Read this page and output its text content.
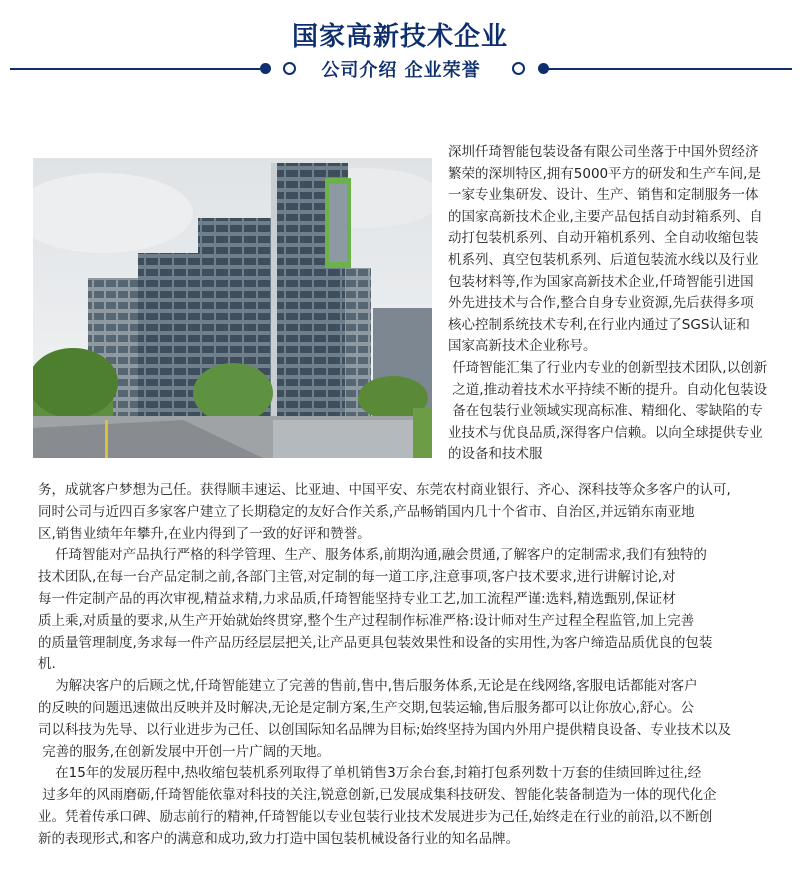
国家高新技术企业
公司介绍 企业荣誉
深圳仟琦智能包装设备有限公司坐落于中国外贸经济
繁荣的深圳特区,拥有5000平方的研发和生产车间,是
一家专业集研发、设计、生产、销售和定制服务一体
的国家高新技术企业,主要产品包括自动封箱系列、自
动打包装机系列、自动开箱机系列、全自动收缩包装
机系列、真空包装机系列、后道包装流水线以及行业
包装材料等,作为国家高新技术企业,仟琦智能引进国
外先进技术与合作,整合自身专业资源,先后获得多项
核心控制系统技术专利,在行业内通过了SGS认证和
国家高新技术企业称号。
仟琦智能汇集了行业内专业的创新型技术团队,以创新
之道,推动着技术水平持续不断的提升。自动化包装设
备在包装行业领域实现高标准、精细化、零缺陷的专
业技术与优良品质,深得客户信赖。以向全球提供专业
的设备和技术服
务，成就客户梦想为己任。获得顺丰速运、比亚迪、中国平安、东莞农村商业银行、齐心、深科技等众多客户的认可,
同时公司与近四百多家客户建立了长期稳定的友好合作关系,产品畅销国内几十个省市、自治区,并远销东南亚地
区,销售业绩年年攀升,在业内得到了一致的好评和赞誉。
仟琦智能对产品执行严格的科学管理、生产、服务体系,前期沟通,融会贯通,了解客户的定制需求,我们有独特的
技术团队,在每一台产品定制之前,各部门主管,对定制的每一道工序,注意事项,客户技术要求,进行讲解讨论,对
每一件定制产品的再次审视,精益求精,力求品质,仟琦智能坚持专业工艺,加工流程严谨:选料,精选甄别,保证材
质上乘,对质量的要求,从生产开始就始终贯穿,整个生产过程制作标准严格:设计师对生产过程全程监管,加上完善
的质量管理制度,务求每一件产品历经层层把关,让产品更具包装效果性和设备的实用性,为客户缔造品质优良的包装
机.
为解决客户的后顾之忧,仟琦智能建立了完善的售前,售中,售后服务体系,无论是在线网络,客服电话都能对客户
的反映的问题迅速做出反映并及时解决,无论是定制方案,生产交期,包装运输,售后服务都可以让你放心,舒心。公
司以科技为先导、以行业进步为己任、以创国际知名品牌为目标;始终坚持为国内外用户提供精良设备、专业技术以及
完善的服务,在创新发展中开创一片广阔的天地。
在15年的发展历程中,热收缩包装机系列取得了单机销售3万余台套,封箱打包系列数十万套的佳绩回眸过往,经
过多年的风雨磨砺,仟琦智能依靠对科技的关注,锐意创新,已发展成集科技研发、智能化装备制造为一体的现代化企
业。凭着传承口碑、励志前行的精神,仟琦智能以专业包装行业技术发展进步为己任,始终走在行业的前沿,以不断创
新的表现形式,和客户的满意和成功,致力打造中国包装机械设备行业的知名品牌。
